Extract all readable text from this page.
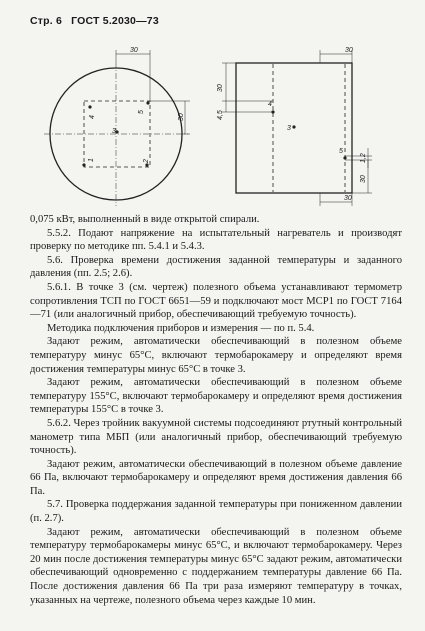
Стр. 6 ГОСТ 5.2030—73
30
30
4
5
3
1	2
30
30
4,5
1,2
30
30
4
3
5

0,075 кВт, выполненный в виде открытой спирали.

5.5.2. Подают напряжение на испытательный нагреватель и производят проверку по методике пп. 5.4.1 и 5.4.3.

5.6. Проверка времени достижения заданной температуры и заданного давления (пп. 2.5; 2.6).

5.6.1. В точке 3 (см. чертеж) полезного объема устанавливают термометр сопротивления ТСП по ГОСТ 6651—59 и подключают мост МСР1 по ГОСТ 7164—71 (или аналогичный прибор, обеспечивающий требуемую точность).

Методика подключения приборов и измерения — по п. 5.4.

Задают режим, автоматически обеспечивающий в полезном объеме температуру минус 65°С, включают термобарокамеру и определяют время достижения температуры минус 65°С в точке 3.

Задают режим, автоматически обеспечивающий в полезном объеме температуру 155°С, включают термобарокамеру и определяют время достижения температуры 155°С в точке 3.

5.6.2. Через тройник вакуумной системы подсоединяют ртутный контрольный манометр типа МБП (или аналогичный прибор, обеспечивающий требуемую точность).

Задают режим, автоматически обеспечивающий в полезном объеме давление 66 Па, включают термобарокамеру и определяют время достижения давления 66 Па.

5.7. Проверка поддержания заданной температуры при пониженном давлении (п. 2.7).

Задают режим, автоматически обеспечивающий в полезном объеме температуру термобарокамеры минус 65°С, и включают термобарокамеру. Через 20 мин после достижения температуры минус 65°С задают режим, автоматически обеспечивающий одновременно с поддержанием температуры давление 66 Па. После достижения давления 66 Па три раза измеряют температуру в точках, указанных на чертеже, полезного объема через каждые 10 мин.
